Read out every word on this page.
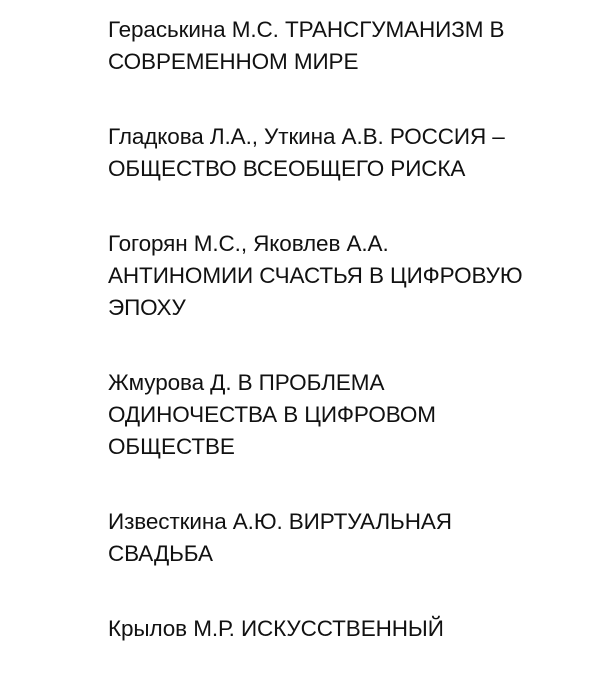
Гераськина М.С. ТРАНСГУМАНИЗМ В
СОВРЕМЕННОМ МИРЕ
Гладкова Л.А., Уткина А.В. РОССИЯ –
ОБЩЕСТВО ВСЕОБЩЕГО РИСКА
Гогорян М.С., Яковлев А.А.
АНТИНОМИИ СЧАСТЬЯ В ЦИФРОВУЮ
ЭПОХУ
Жмурова Д. В ПРОБЛЕМА
ОДИНОЧЕСТВА В ЦИФРОВОМ
ОБЩЕСТВЕ
Известкина А.Ю. ВИРТУАЛЬНАЯ
СВАДЬБА
Крылов М.Р. ИСКУССТВЕННЫЙ
